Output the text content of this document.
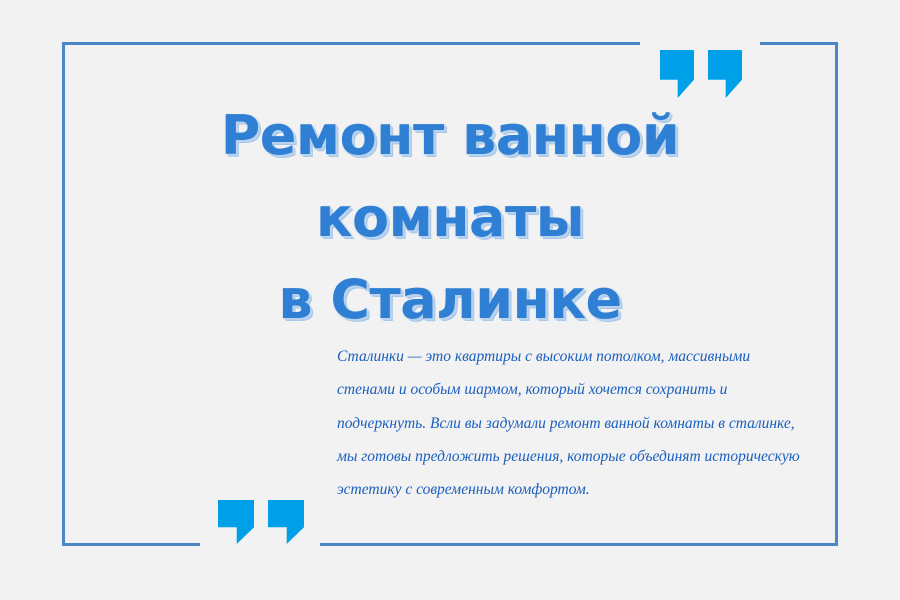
Ремонт ванной комнаты
в Сталинке
Сталинки — это квартиры с высоким потолком, массивными стенами и особым шармом, который хочется сохранить и подчеркнуть. Всли вы задумали ремонт ванной комнаты в сталинке, мы готовы предложить решения, которые объединят историческую эстетику с современным комфортом.
